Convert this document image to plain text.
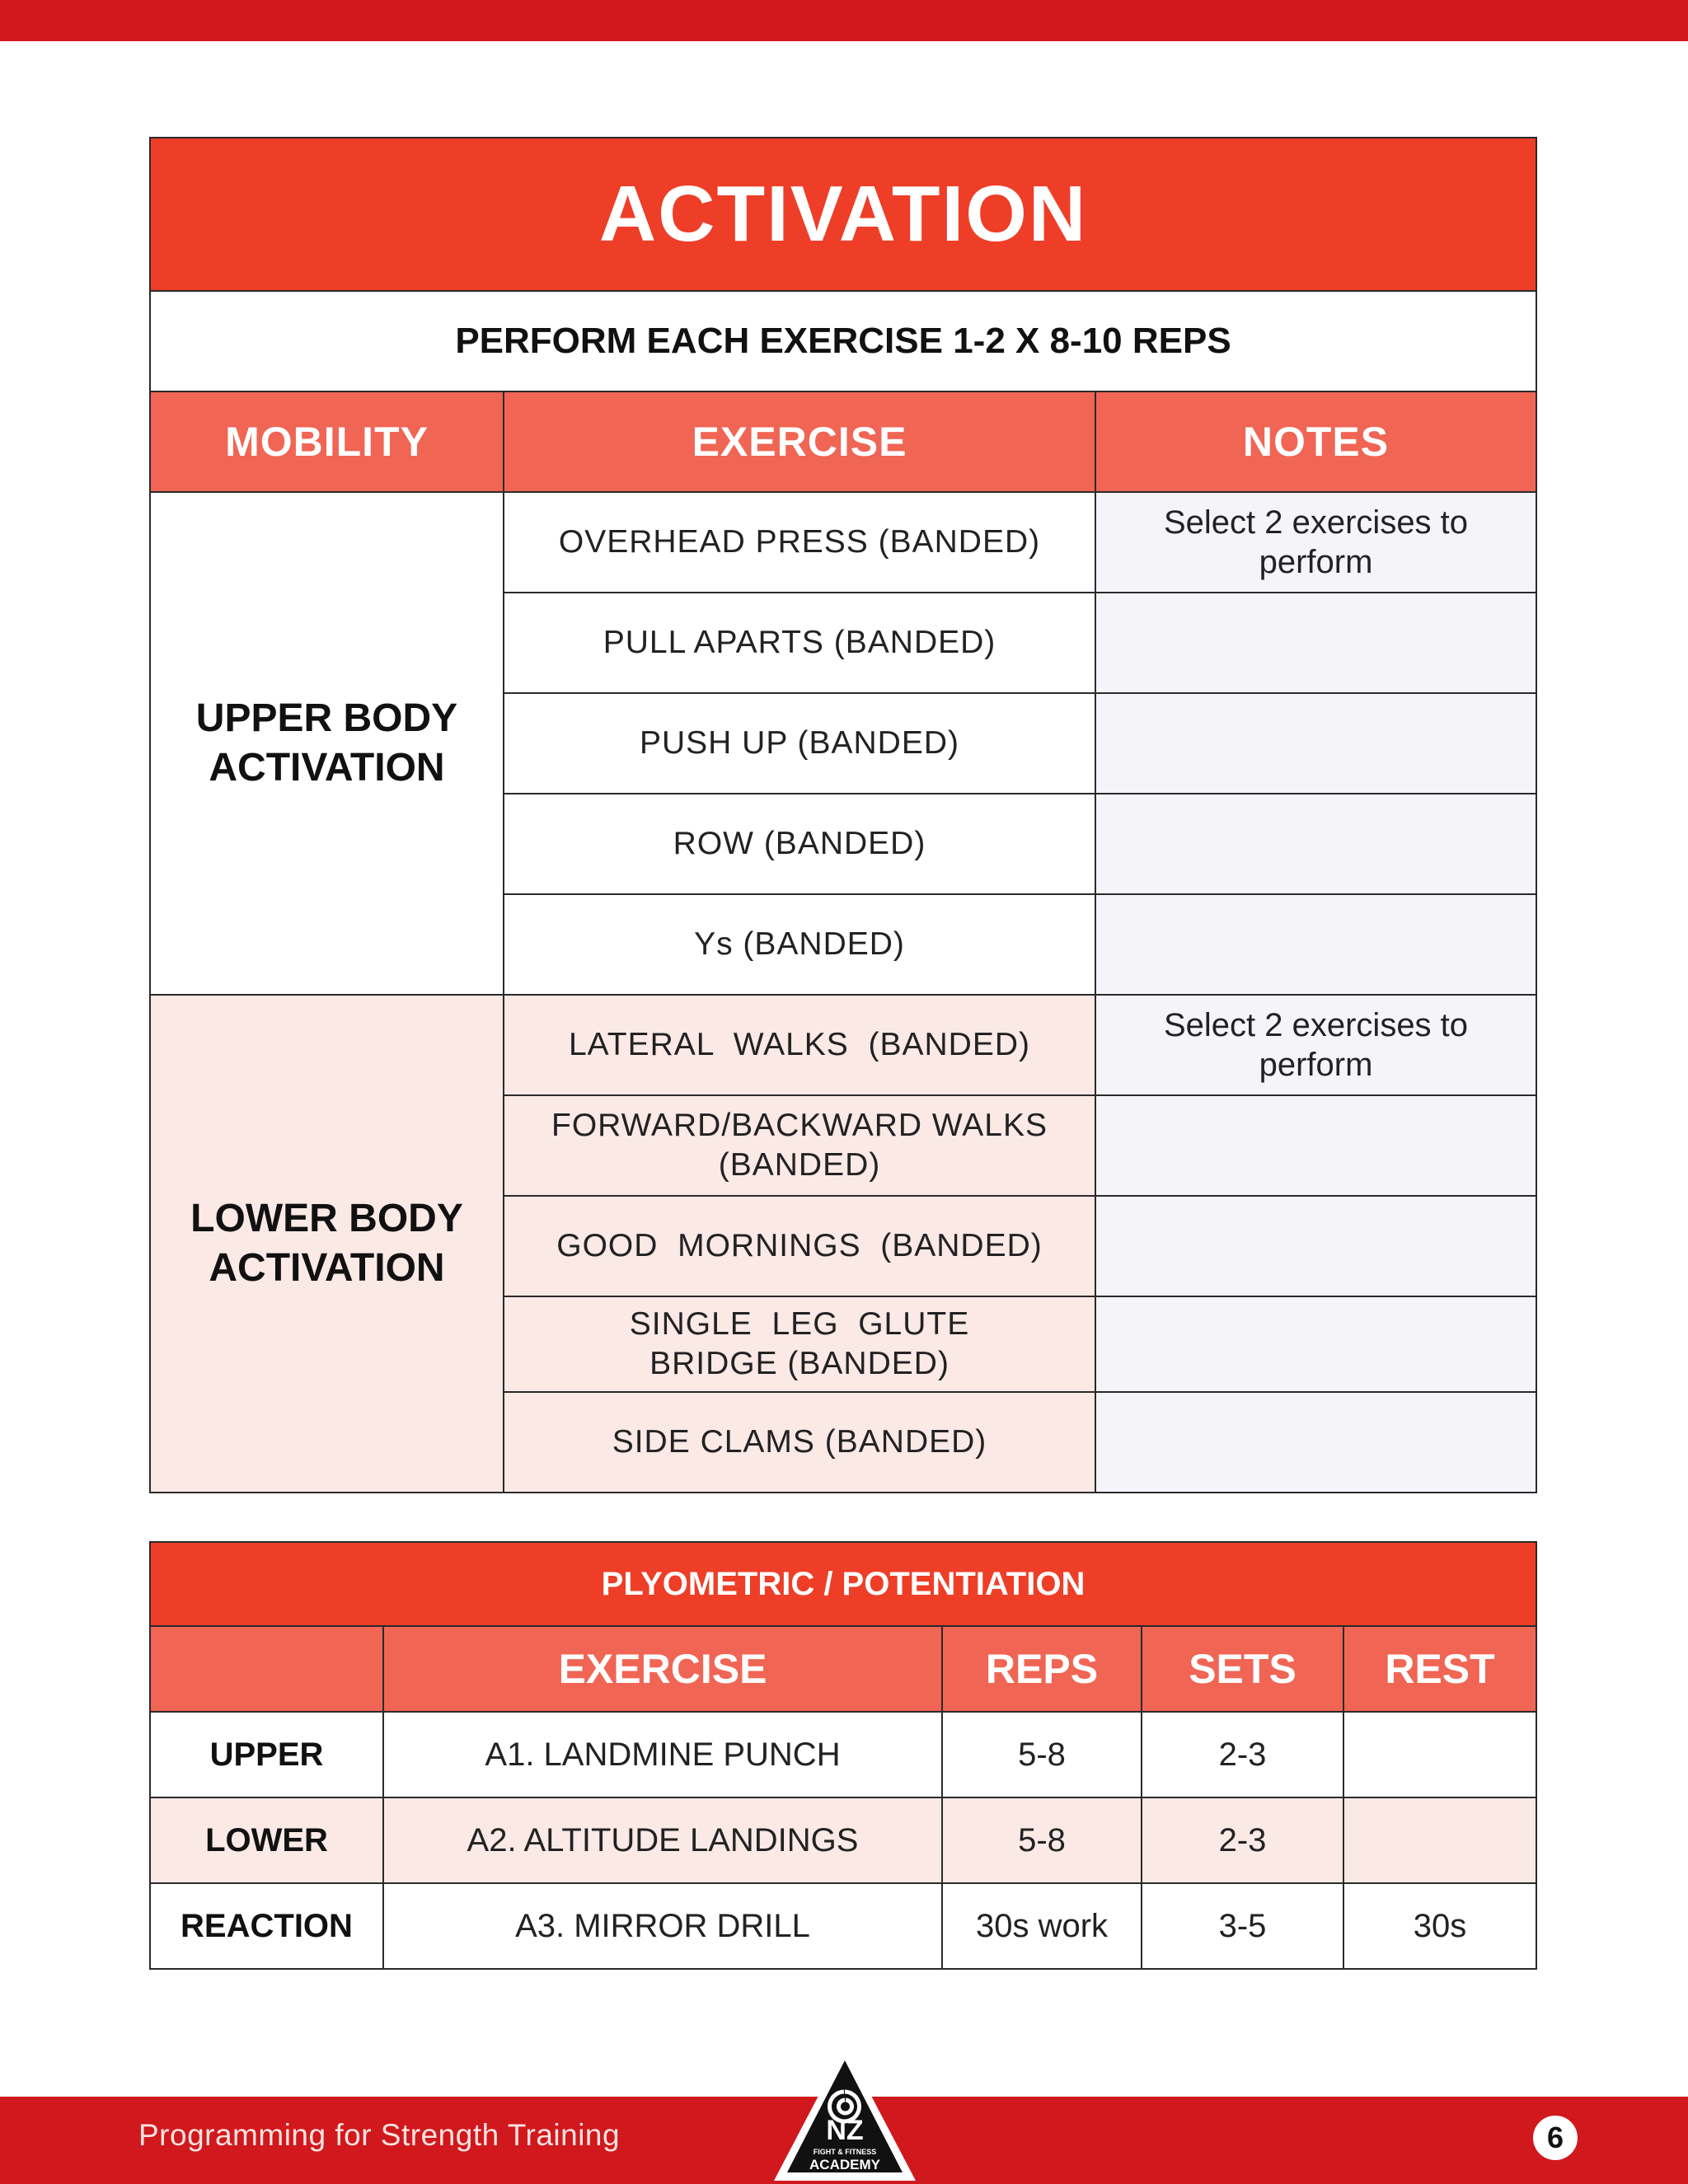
ACTIVATION		
PERFORM EACH EXERCISE 1-2 X 8-10 REPS		
MOBILITY	EXERCISE	NOTES

UPPER BODY ACTIVATION	OVERHEAD PRESS (BANDED)	Select 2 exercises to perform

	PULL APARTS (BANDED)	
	PUSH UP (BANDED)	
	ROW (BANDED)	
	Ys (BANDED)	

LOWER BODY ACTIVATION	LATERAL  WALKS  (BANDED)	Select 2 exercises to perform

	FORWARD/BACKWARD WALKS (BANDED)	

	GOOD  MORNINGS  (BANDED)	

	SINGLE  LEG  GLUTE  BRIDGE (BANDED)	

	SIDE CLAMS (BANDED)	
PLYOMETRIC / POTENTIATION				
	EXERCISE	REPS	SETS	REST
UPPER	A1. LANDMINE PUNCH	5-8	2-3	
LOWER	A2. ALTITUDE LANDINGS	5-8	2-3	
REACTION	A3. MIRROR DRILL	30s work	3-5	30s
Programming for Strength Training	6
NZ
FIGHT & FITNESS
ACADEMY
